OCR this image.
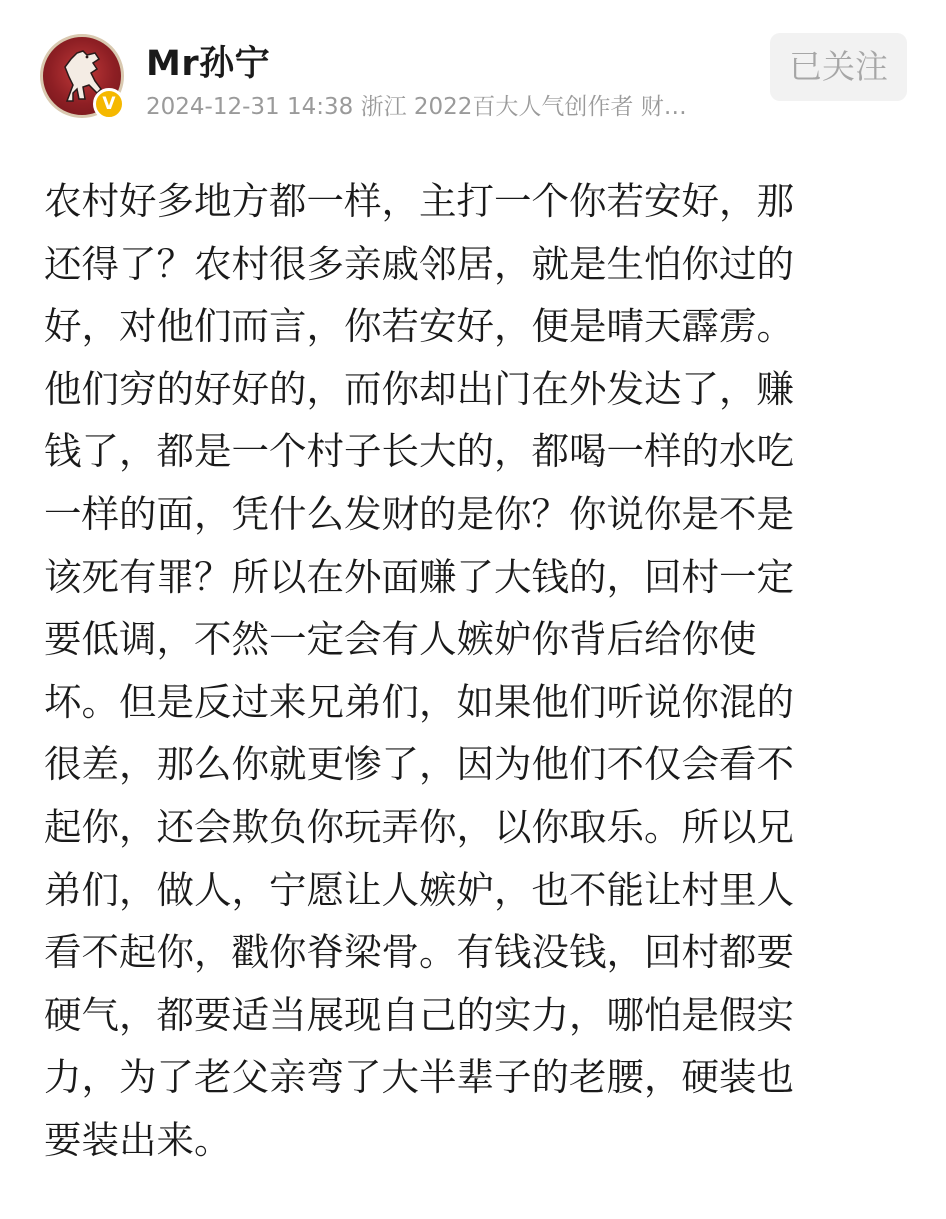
V
Mr孙宁
2024-12-31 14:38 浙江 2022百大人气创作者 财…
已关注

农村好多地方都一样，主打一个你若安好，那
还得了？农村很多亲戚邻居，就是生怕你过的
好，对他们而言，你若安好，便是晴天霹雳。
他们穷的好好的，而你却出门在外发达了，赚
钱了，都是一个村子长大的，都喝一样的水吃
一样的面，凭什么发财的是你？你说你是不是
该死有罪？所以在外面赚了大钱的，回村一定
要低调，不然一定会有人嫉妒你背后给你使
坏。但是反过来兄弟们，如果他们听说你混的
很差，那么你就更惨了，因为他们不仅会看不
起你，还会欺负你玩弄你，以你取乐。所以兄
弟们，做人，宁愿让人嫉妒，也不能让村里人
看不起你，戳你脊梁骨。有钱没钱，回村都要
硬气，都要适当展现自己的实力，哪怕是假实
力，为了老父亲弯了大半辈子的老腰，硬装也
要装出来。
